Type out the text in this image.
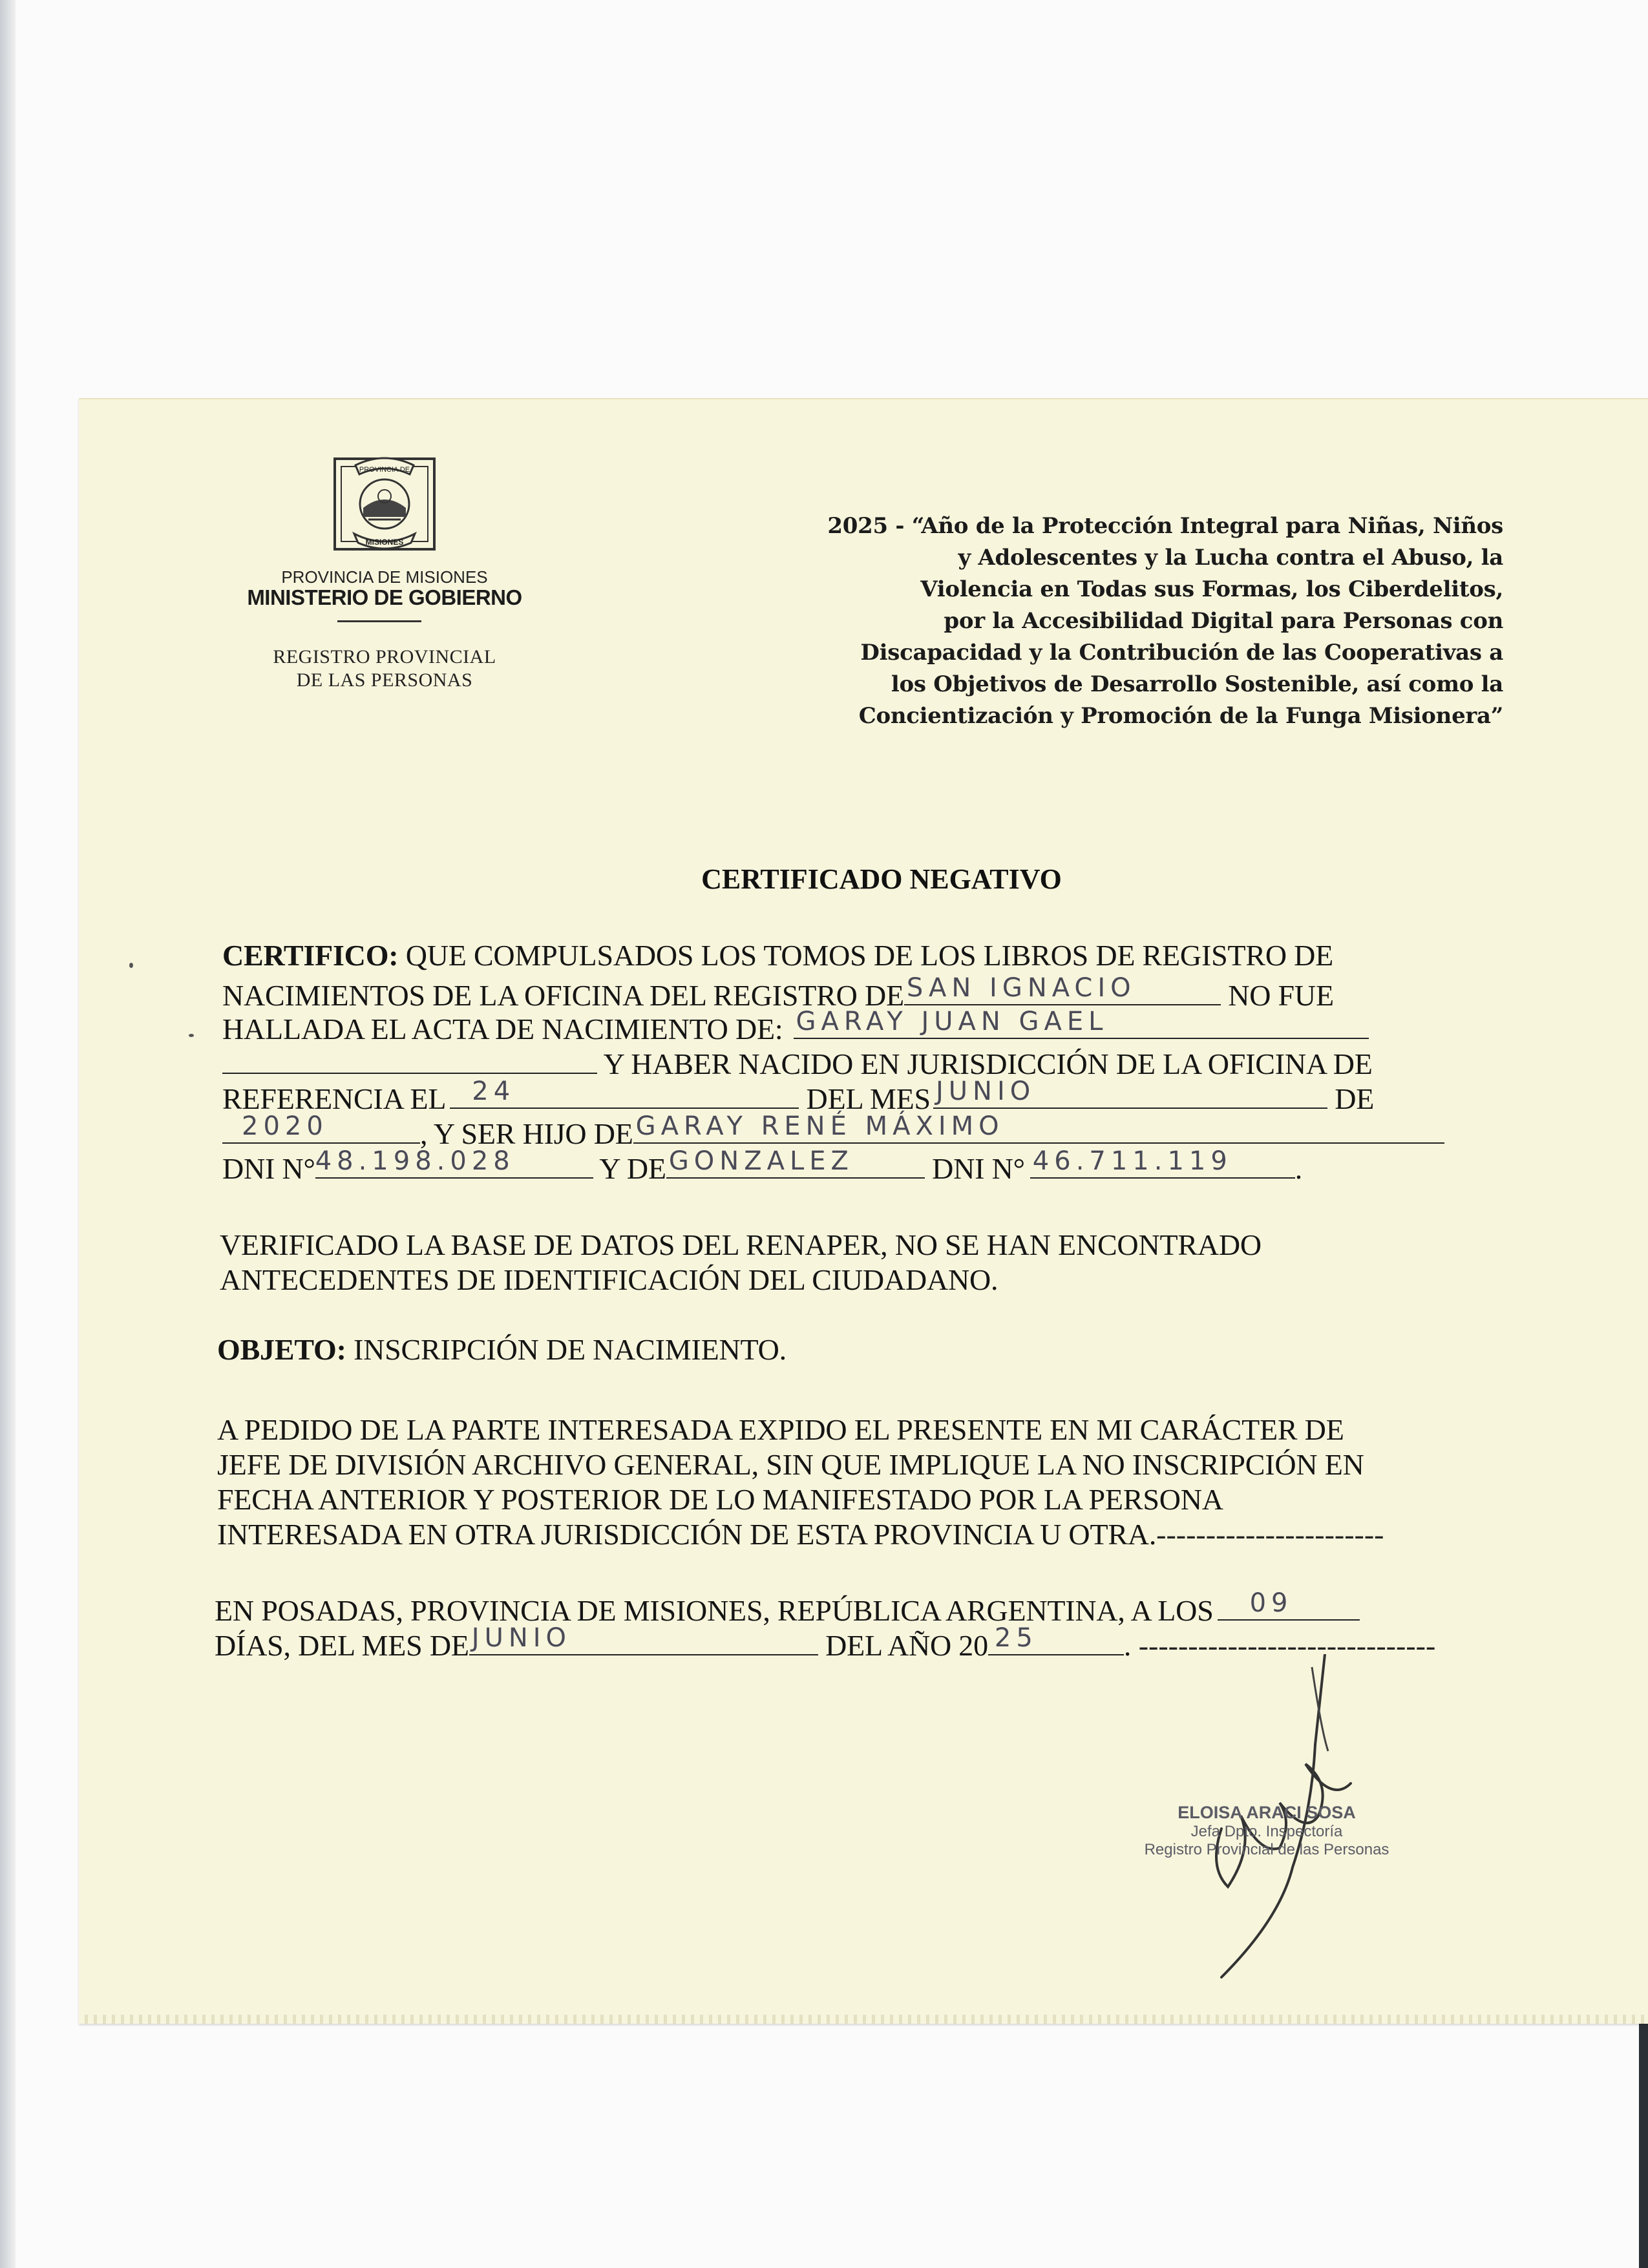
PROVINCIA DE
MISIONES
PROVINCIA DE MISIONES
MINISTERIO DE GOBIERNO
REGISTRO PROVINCIAL
DE LAS PERSONAS
2025 - “Año de la Protección Integral para Niñas, Niños
y Adolescentes y la Lucha contra el Abuso, la
Violencia en Todas sus Formas, los Ciberdelitos,
por la Accesibilidad Digital para Personas con
Discapacidad y la Contribución de las Cooperativas a
los Objetivos de Desarrollo Sostenible, así como la
Concientización y Promoción de la Funga Misionera”
CERTIFICADO NEGATIVO
CERTIFICO: QUE COMPULSADOS LOS TOMOS DE LOS LIBROS DE REGISTRO DE
NACIMIENTOS DE LA OFICINA DEL REGISTRO DE SAN IGNACIO	NO FUE
HALLADA EL ACTA DE NACIMIENTO DE: GARAY JUAN GAEL
Y HABER NACIDO EN JURISDICCIÓN DE LA OFICINA DE
REFERENCIA EL 24	DEL MES JUNIO	DE
2020	, Y SER HIJO DE GARAY RENÉ MÁXIMO
DNI N° 48.198.028	Y DE GONZALEZ DNI N° 46.711.119 .
VERIFICADO LA BASE DE DATOS DEL RENAPER, NO SE HAN ENCONTRADO
ANTECEDENTES DE IDENTIFICACIÓN DEL CIUDADANO.
OBJETO: INSCRIPCIÓN DE NACIMIENTO.
A PEDIDO DE LA PARTE INTERESADA EXPIDO EL PRESENTE EN MI CARÁCTER DE
JEFE DE DIVISIÓN ARCHIVO GENERAL, SIN QUE IMPLIQUE LA NO INSCRIPCIÓN EN
FECHA ANTERIOR Y POSTERIOR DE LO MANIFESTADO POR LA PERSONA
INTERESADA EN OTRA JURISDICCIÓN DE ESTA PROVINCIA U OTRA.-----------------------
EN POSADAS, PROVINCIA DE MISIONES, REPÚBLICA ARGENTINA, A LOS 09
DÍAS, DEL MES DE JUNIO	DEL AÑO 20 25	. ------------------------------
ELOISA ARACI SOSA
Jefa Dpto. Inspectoría
Registro Provincial de las Personas
